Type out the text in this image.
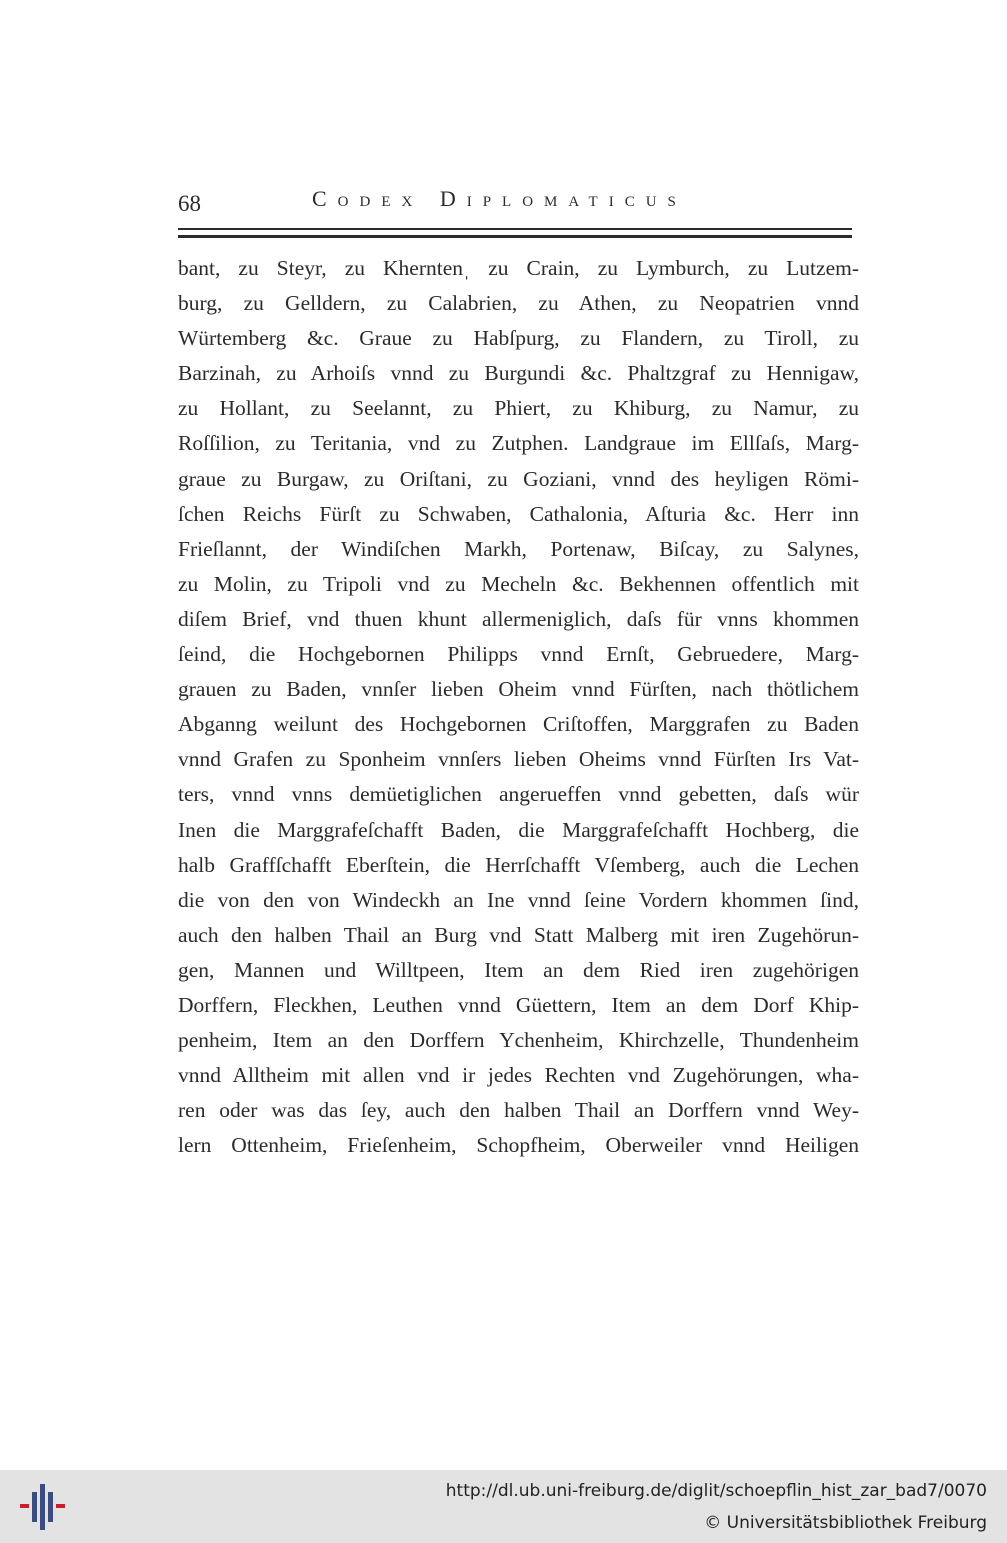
68	Codex Diplomaticus
bant, zu Steyr, zu Kherntenˌ zu Crain, zu Lymburch, zu Lutzem-
burg, zu Gelldern, zu Calabrien, zu Athen, zu Neopatrien vnnd
Würtemberg &c. Graue zu Habſpurg, zu Flandern, zu Tiroll, zu
Barzinah, zu Arhoiſs vnnd zu Burgundi &c. Phaltzgraf zu Hennigaw,
zu Hollant, zu Seelannt, zu Phiert, zu Khiburg, zu Namur, zu
Roſſilion, zu Teritania, vnd zu Zutphen. Landgraue im Ellſaſs, Marg-
graue zu Burgaw, zu Oriſtani, zu Goziani, vnnd des heyligen Römi-
ſchen Reichs Fürſt zu Schwaben, Cathalonia, Aſturia &c. Herr inn
Frieſlannt, der Windiſchen Markh, Portenaw, Biſcay, zu Salynes,
zu Molin, zu Tripoli vnd zu Mecheln &c. Bekhennen offentlich mit
diſem Brief, vnd thuen khunt allermeniglich, daſs für vnns khommen
ſeind, die Hochgebornen Philipps vnnd Ernſt, Gebruedere, Marg-
grauen zu Baden, vnnſer lieben Oheim vnnd Fürſten, nach thötlichem
Abganng weilunt des Hochgebornen Criſtoffen, Marggrafen zu Baden
vnnd Grafen zu Sponheim vnnſers lieben Oheims vnnd Fürſten Irs Vat-
ters, vnnd vnns demüetiglichen angerueffen vnnd gebetten, daſs wür
Inen die Marggrafeſchafft Baden, die Marggrafeſchafft Hochberg, die
halb Graffſchafft Eberſtein, die Herrſchafft Vſemberg, auch die Lechen
die von den von Windeckh an Ine vnnd ſeine Vordern khommen ſind,
auch den halben Thail an Burg vnd Statt Malberg mit iren Zugehörun-
gen, Mannen und Willtpeen, Item an dem Ried iren zugehörigen
Dorffern, Fleckhen, Leuthen vnnd Güettern, Item an dem Dorf Khip-
penheim, Item an den Dorffern Ychenheim, Khirchzelle, Thundenheim
vnnd Alltheim mit allen vnd ir jedes Rechten vnd Zugehörungen, wha-
ren oder was das ſey, auch den halben Thail an Dorffern vnnd Wey-
lern Ottenheim, Frieſenheim, Schopfheim, Oberweiler vnnd Heiligen
http://dl.ub.uni-freiburg.de/diglit/schoepflin_hist_zar_bad7/0070
© Universitätsbibliothek Freiburg
